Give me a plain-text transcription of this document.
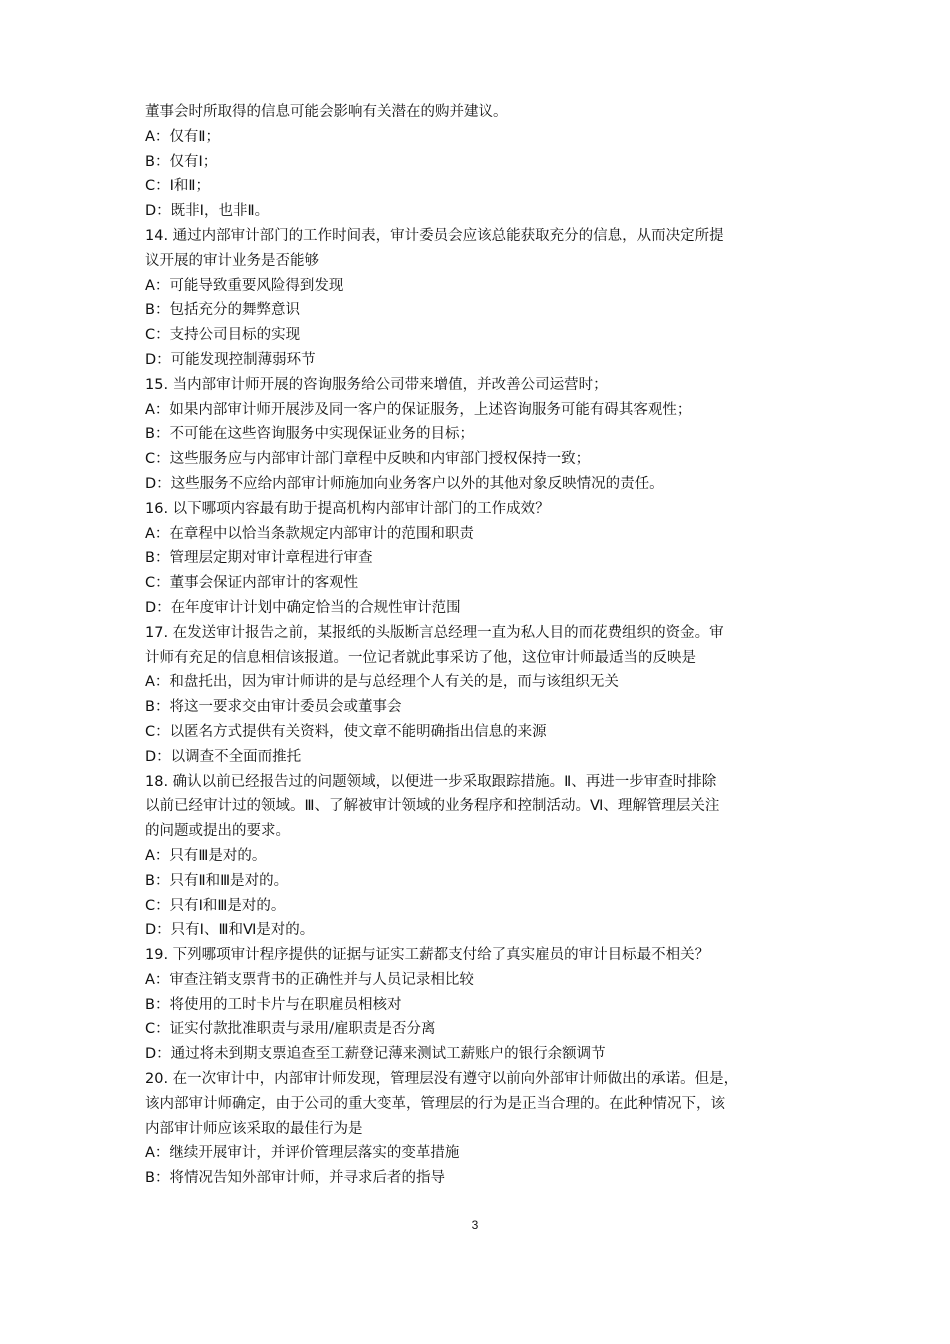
董事会时所取得的信息可能会影响有关潜在的购并建议。
A：仅有Ⅱ；
B：仅有Ⅰ；
C：Ⅰ和Ⅱ；
D：既非Ⅰ，也非Ⅱ。
14. 通过内部审计部门的工作时间表，审计委员会应该总能获取充分的信息，从而决定所提
议开展的审计业务是否能够
A：可能导致重要风险得到发现
B：包括充分的舞弊意识
C：支持公司目标的实现
D：可能发现控制薄弱环节
15. 当内部审计师开展的咨询服务给公司带来增值，并改善公司运营时；
A：如果内部审计师开展涉及同一客户的保证服务，上述咨询服务可能有碍其客观性；
B：不可能在这些咨询服务中实现保证业务的目标；
C：这些服务应与内部审计部门章程中反映和内审部门授权保持一致；
D：这些服务不应给内部审计师施加向业务客户以外的其他对象反映情况的责任。
16. 以下哪项内容最有助于提高机构内部审计部门的工作成效？
A：在章程中以恰当条款规定内部审计的范围和职责
B：管理层定期对审计章程进行审查
C：董事会保证内部审计的客观性
D：在年度审计计划中确定恰当的合规性审计范围
17. 在发送审计报告之前，某报纸的头版断言总经理一直为私人目的而花费组织的资金。审
计师有充足的信息相信该报道。一位记者就此事采访了他，这位审计师最适当的反映是
A：和盘托出，因为审计师讲的是与总经理个人有关的是，而与该组织无关
B：将这一要求交由审计委员会或董事会
C：以匿名方式提供有关资料，使文章不能明确指出信息的来源
D：以调查不全面而推托
18. 确认以前已经报告过的问题领域，以便进一步采取跟踪措施。Ⅱ、再进一步审查时排除
以前已经审计过的领域。Ⅲ、了解被审计领域的业务程序和控制活动。Ⅵ、理解管理层关注
的问题或提出的要求。
A：只有Ⅲ是对的。
B：只有Ⅱ和Ⅲ是对的。
C：只有Ⅰ和Ⅲ是对的。
D：只有Ⅰ、Ⅲ和Ⅵ是对的。
19. 下列哪项审计程序提供的证据与证实工薪都支付给了真实雇员的审计目标最不相关？
A：审查注销支票背书的正确性并与人员记录相比较
B：将使用的工时卡片与在职雇员相核对
C：证实付款批准职责与录用/雇职责是否分离
D：通过将未到期支票追查至工薪登记薄来测试工薪账户的银行余额调节
20. 在一次审计中，内部审计师发现，管理层没有遵守以前向外部审计师做出的承诺。但是，
该内部审计师确定，由于公司的重大变革，管理层的行为是正当合理的。在此种情况下，该
内部审计师应该采取的最佳行为是
A：继续开展审计，并评价管理层落实的变革措施
B：将情况告知外部审计师，并寻求后者的指导
3
